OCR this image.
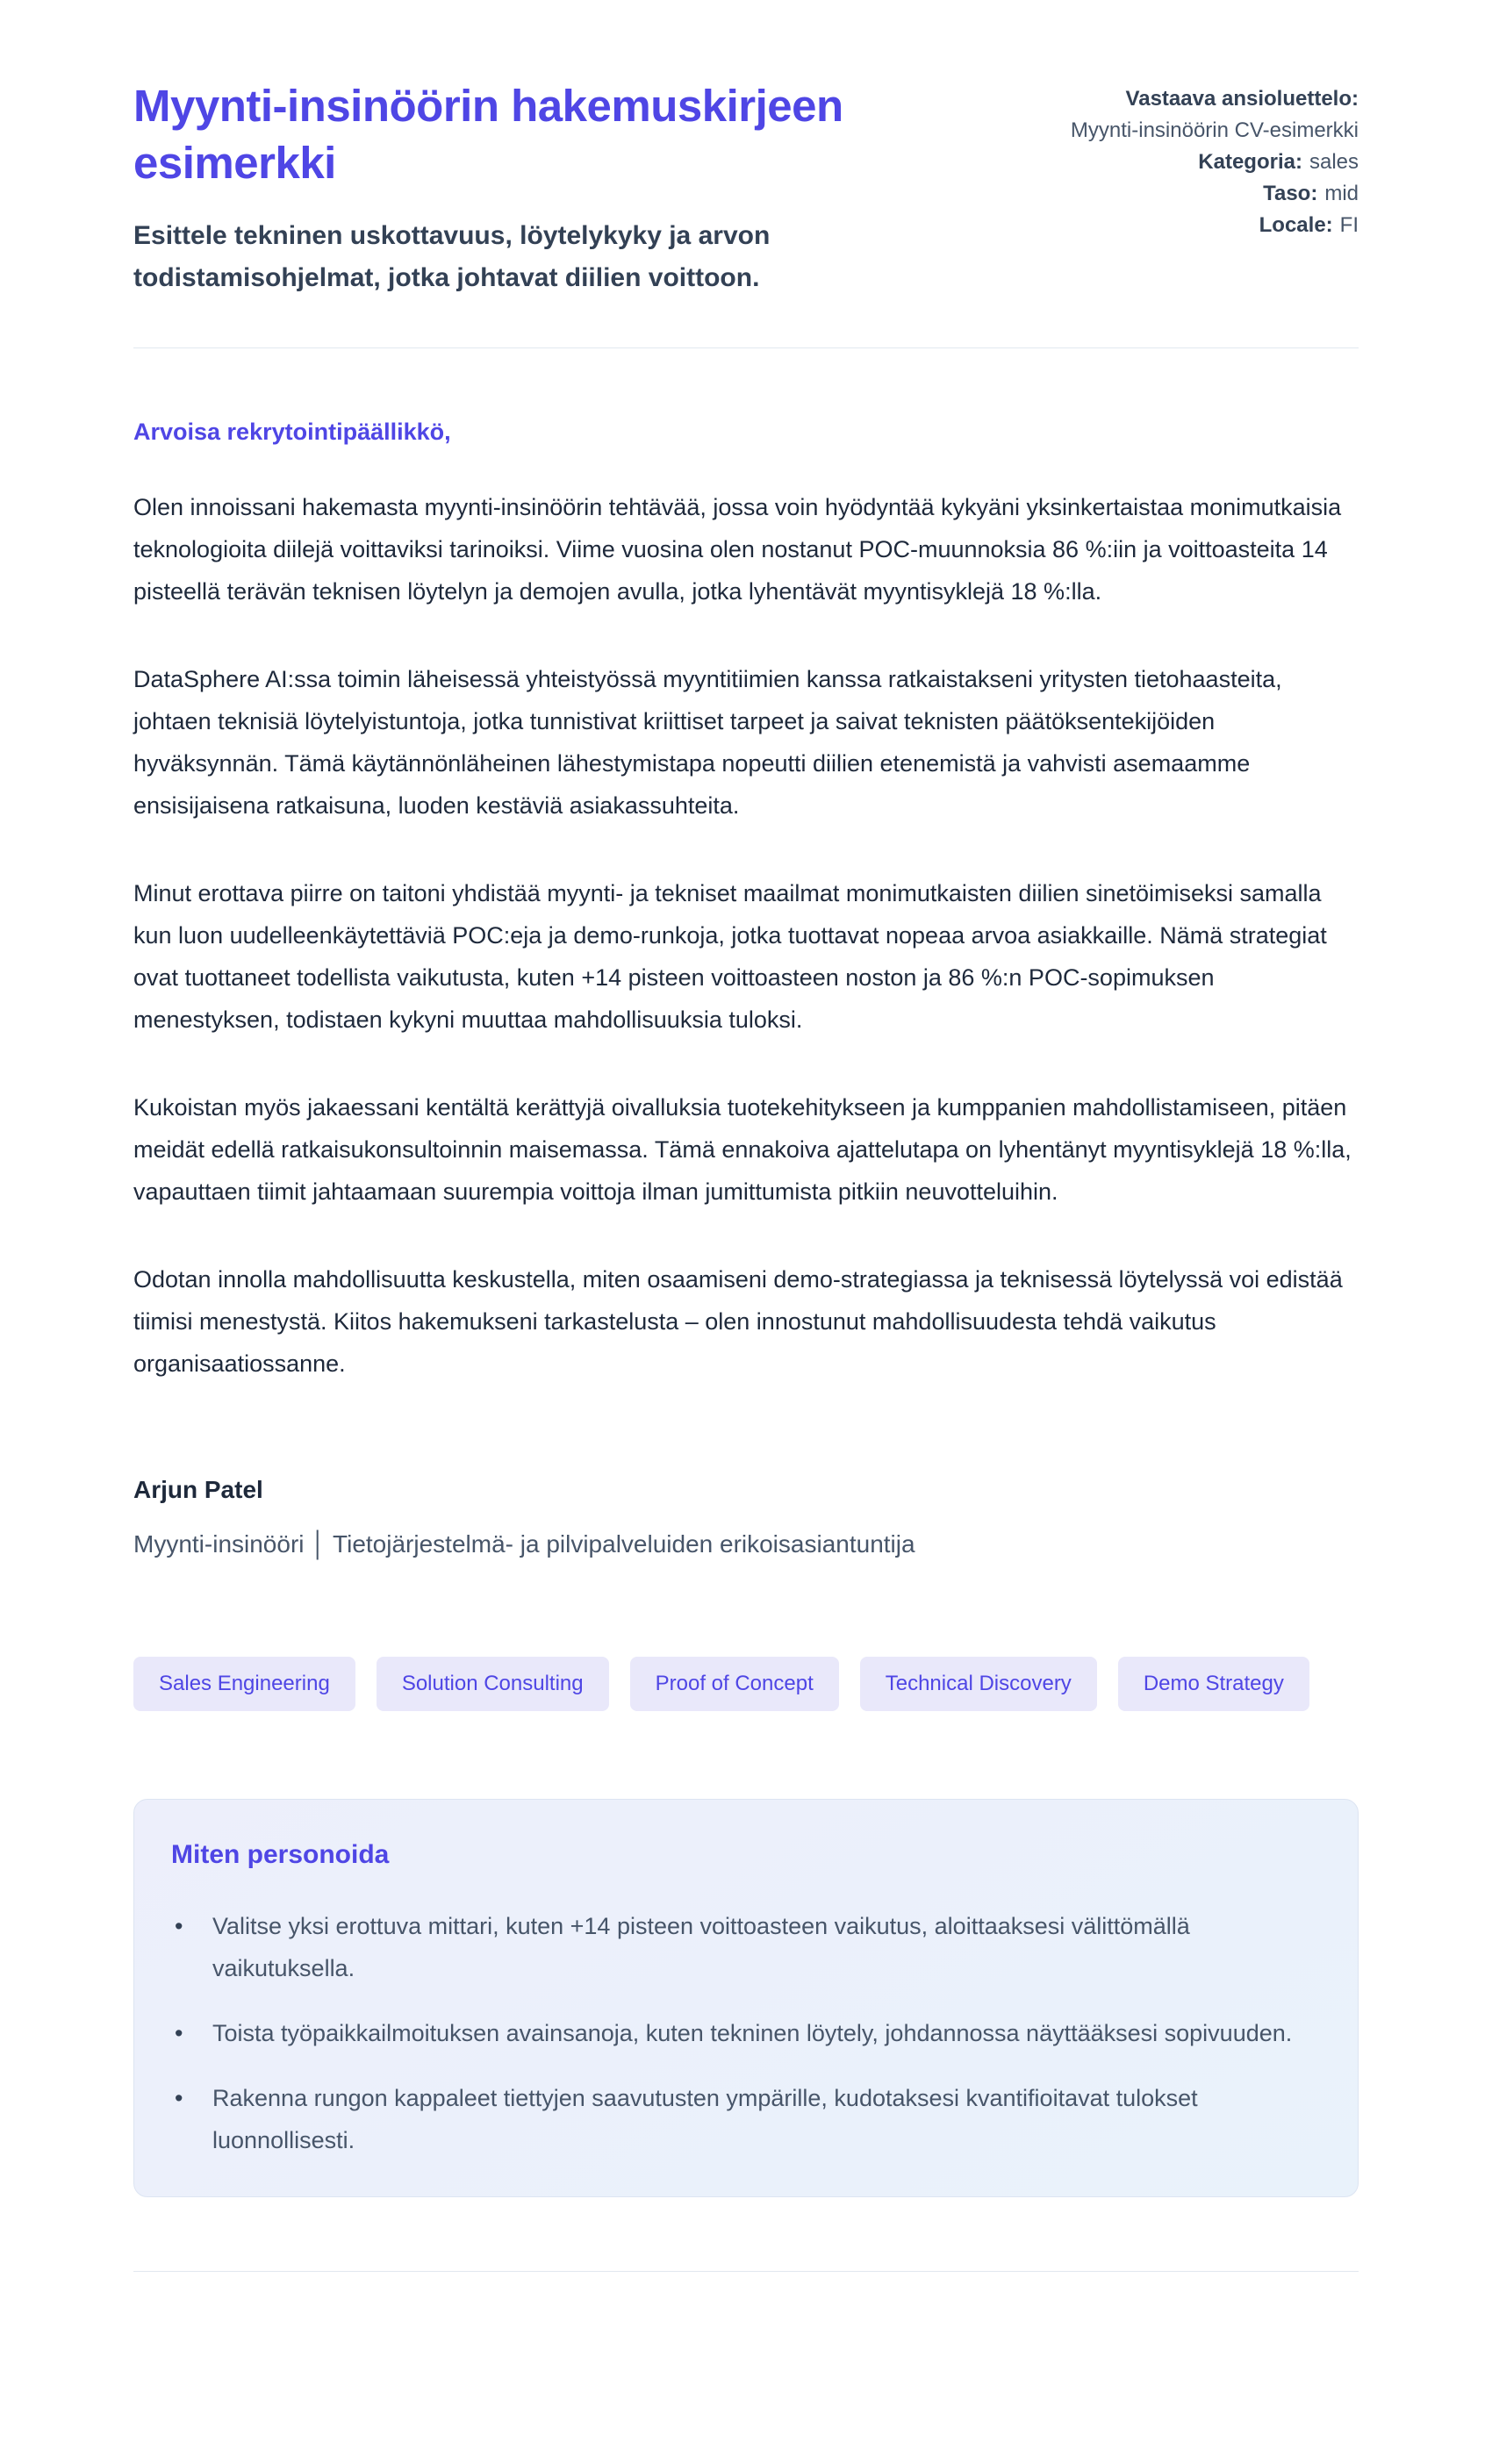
Myynti-insinöörin hakemuskirjeen esimerkki

Esittele tekninen uskottavuus, löytelykyky ja arvon todistamisohjelmat, jotka johtavat diilien voittoon.

Vastaava ansioluettelo:
Myynti-insinöörin CV-esimerkki
Kategoria: sales
Taso: mid
Locale: FI

Arvoisa rekrytointipäällikkö,

Olen innoissani hakemasta myynti-insinöörin tehtävää, jossa voin hyödyntää kykyäni yksinkertaistaa monimutkaisia teknologioita diilejä voittaviksi tarinoiksi. Viime vuosina olen nostanut POC-muunnoksia 86 %:iin ja voittoasteita 14 pisteellä terävän teknisen löytelyn ja demojen avulla, jotka lyhentävät myyntisyklejä 18 %:lla.

DataSphere AI:ssa toimin läheisessä yhteistyössä myyntitiimien kanssa ratkaistakseni yritysten tietohaasteita, johtaen teknisiä löytelyistuntoja, jotka tunnistivat kriittiset tarpeet ja saivat teknisten päätöksentekijöiden hyväksynnän. Tämä käytännönläheinen lähestymistapa nopeutti diilien etenemistä ja vahvisti asemaamme ensisijaisena ratkaisuna, luoden kestäviä asiakassuhteita.

Minut erottava piirre on taitoni yhdistää myynti- ja tekniset maailmat monimutkaisten diilien sinetöimiseksi samalla kun luon uudelleenkäytettäviä POC:eja ja demo-runkoja, jotka tuottavat nopeaa arvoa asiakkaille. Nämä strategiat ovat tuottaneet todellista vaikutusta, kuten +14 pisteen voittoasteen noston ja 86 %:n POC-sopimuksen menestyksen, todistaen kykyni muuttaa mahdollisuuksia tuloksi.

Kukoistan myös jakaessani kentältä kerättyjä oivalluksia tuotekehitykseen ja kumppanien mahdollistamiseen, pitäen meidät edellä ratkaisukonsultoinnin maisemassa. Tämä ennakoiva ajattelutapa on lyhentänyt myyntisyklejä 18 %:lla, vapauttaen tiimit jahtaamaan suurempia voittoja ilman jumittumista pitkiin neuvotteluihin.

Odotan innolla mahdollisuutta keskustella, miten osaamiseni demo-strategiassa ja teknisessä löytelyssä voi edistää tiimisi menestystä. Kiitos hakemukseni tarkastelusta – olen innostunut mahdollisuudesta tehdä vaikutus organisaatiossanne.

Arjun Patel

Myynti-insinööri │ Tietojärjestelmä- ja pilvipalveluiden erikoisasiantuntija

Sales Engineering	Solution Consulting	Proof of Concept	Technical Discovery	Demo Strategy
Miten personoida
• Valitse yksi erottuva mittari, kuten +14 pisteen voittoasteen vaikutus, aloittaaksesi välittömällä vaikutuksella.
• Toista työpaikkailmoituksen avainsanoja, kuten tekninen löytely, johdannossa näyttääksesi sopivuuden.
• Rakenna rungon kappaleet tiettyjen saavutusten ympärille, kudotaksesi kvantifioitavat tulokset luonnollisesti.
